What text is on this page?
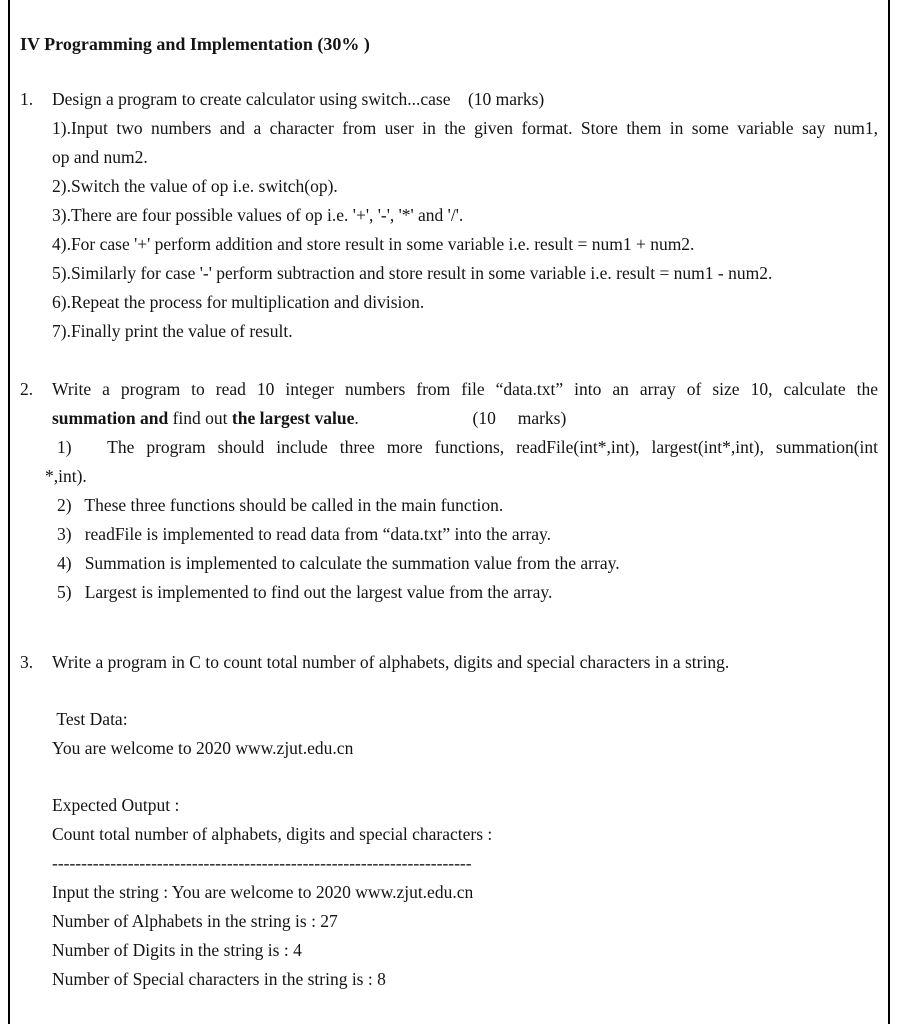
IV Programming and Implementation (30% )
1. Design a program to create calculator using switch...case    (10 marks)
1).Input two numbers and a character from user in the given format. Store them in some variable say num1,
op and num2.
2).Switch the value of op i.e. switch(op).
3).There are four possible values of op i.e. '+', '-', '*' and '/'.
4).For case '+' perform addition and store result in some variable i.e. result = num1 + num2.
5).Similarly for case '-' perform subtraction and store result in some variable i.e. result = num1 - num2.
6).Repeat the process for multiplication and division.
7).Finally print the value of result.
2. Write a program to read 10 integer numbers from file “data.txt” into an array of size 10, calculate the
summation and find out the largest value.                          (10     marks)
1)   The program should include three more functions, readFile(int*,int), largest(int*,int), summation(int
*,int).
2)   These three functions should be called in the main function.
3)   readFile is implemented to read data from “data.txt” into the array.
4)   Summation is implemented to calculate the summation value from the array.
5)   Largest is implemented to find out the largest value from the array.
3. Write a program in C to count total number of alphabets, digits and special characters in a string.
Test Data:
You are welcome to 2020 www.zjut.edu.cn
Expected Output :
Count total number of alphabets, digits and special characters :
------------------------------------------------------------------------
Input the string : You are welcome to 2020 www.zjut.edu.cn
Number of Alphabets in the string is : 27
Number of Digits in the string is : 4
Number of Special characters in the string is : 8
